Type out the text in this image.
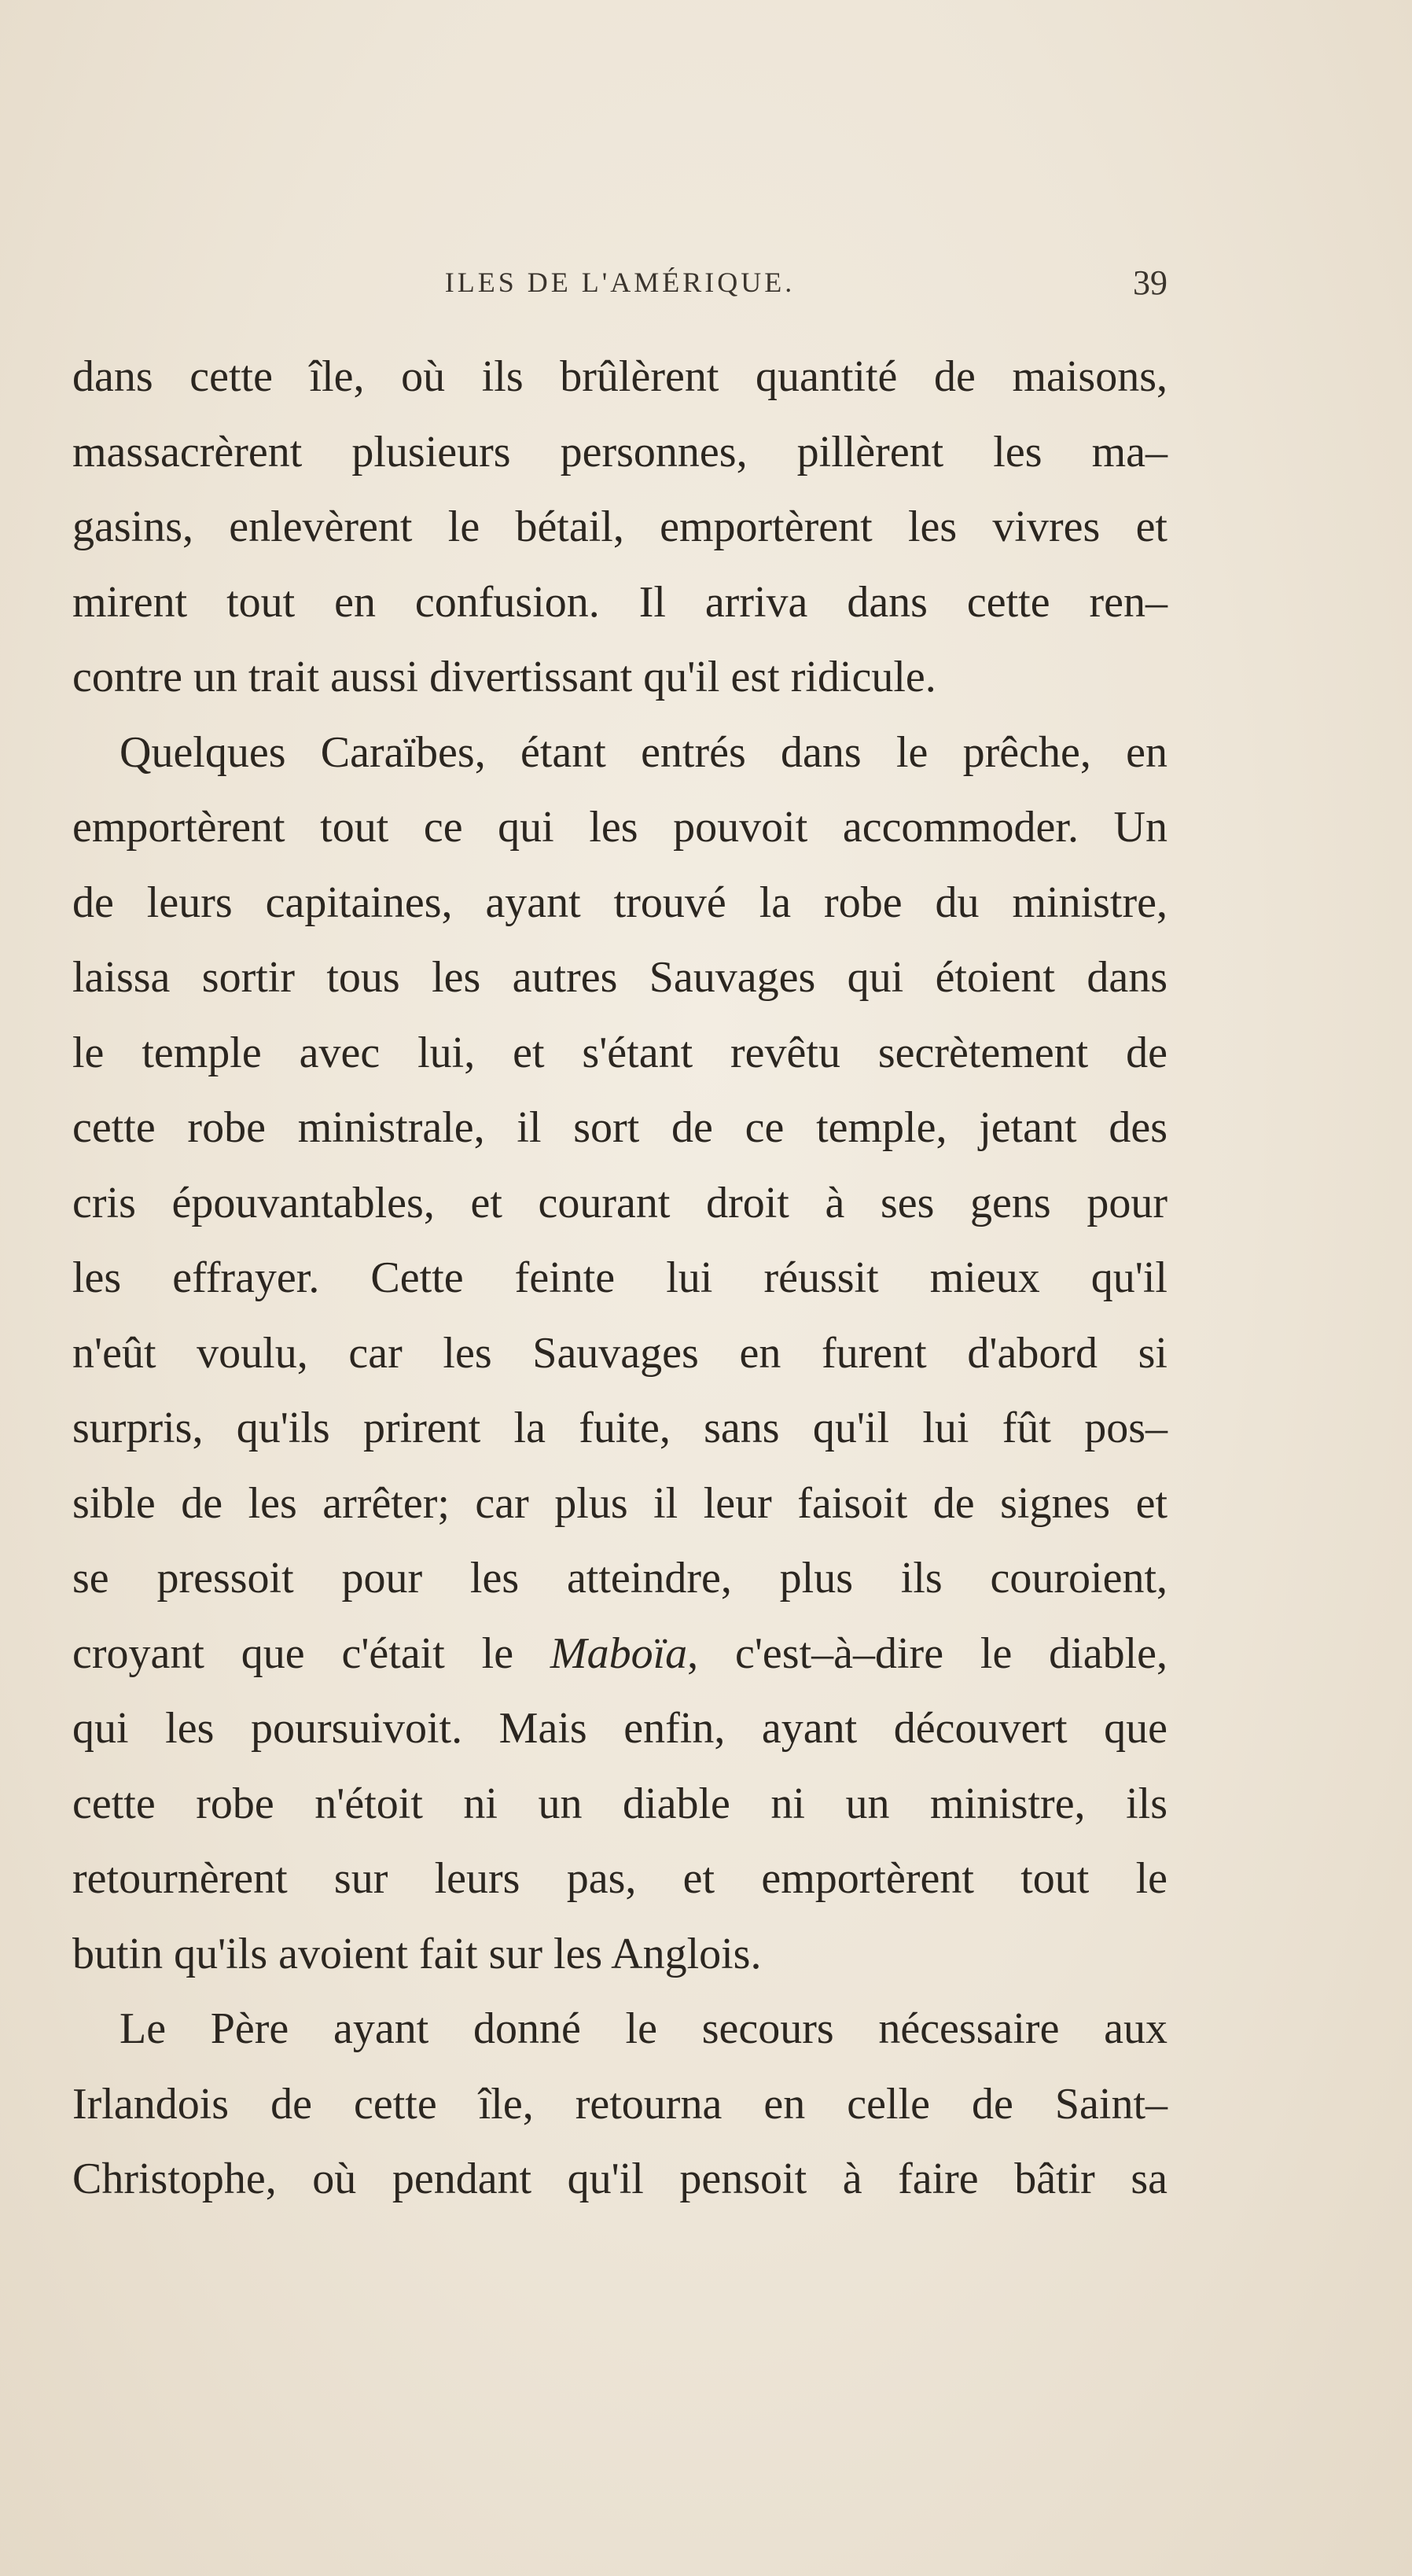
ILES DE L'AMÉRIQUE.	39
dans cette île, où ils brûlèrent quantité de maisons,
massacrèrent plusieurs personnes, pillèrent les ma–
gasins, enlevèrent le bétail, emportèrent les vivres et
mirent tout en confusion. Il arriva dans cette ren–
contre un trait aussi divertissant qu'il est ridicule.
Quelques Caraïbes, étant entrés dans le prêche, en
emportèrent tout ce qui les pouvoit accommoder. Un
de leurs capitaines, ayant trouvé la robe du ministre,
laissa sortir tous les autres Sauvages qui étoient dans
le temple avec lui, et s'étant revêtu secrètement de
cette robe ministrale, il sort de ce temple, jetant des
cris épouvantables, et courant droit à ses gens pour
les effrayer. Cette feinte lui réussit mieux qu'il
n'eût voulu, car les Sauvages en furent d'abord si
surpris, qu'ils prirent la fuite, sans qu'il lui fût pos–
sible de les arrêter; car plus il leur faisoit de signes et
se pressoit pour les atteindre, plus ils couroient,
croyant que c'était le Maboïa, c'est–à–dire le diable,
qui les poursuivoit. Mais enfin, ayant découvert que
cette robe n'étoit ni un diable ni un ministre, ils
retournèrent sur leurs pas, et emportèrent tout le
butin qu'ils avoient fait sur les Anglois.
Le Père ayant donné le secours nécessaire aux
Irlandois de cette île, retourna en celle de Saint–
Christophe, où pendant qu'il pensoit à faire bâtir sa
